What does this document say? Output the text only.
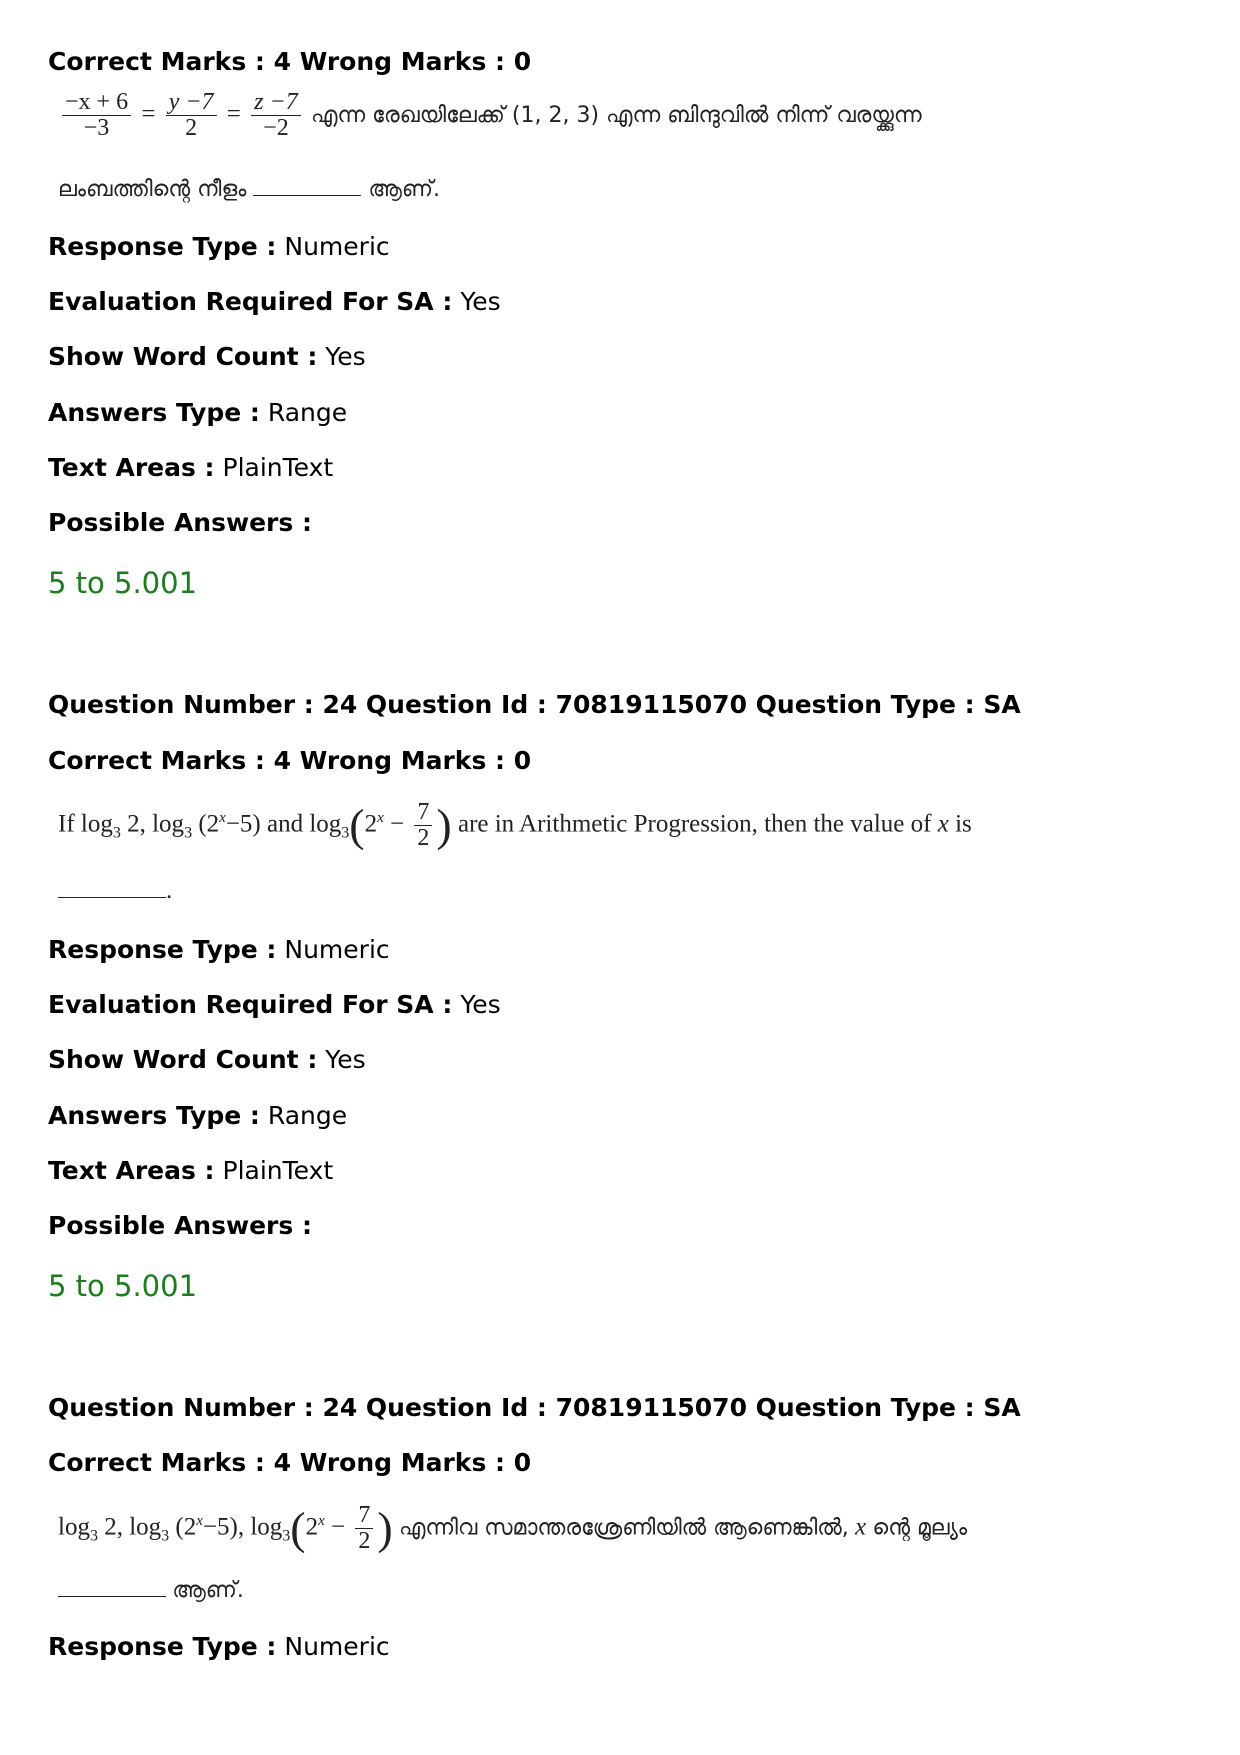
Correct Marks : 4 Wrong Marks : 0
$\frac{-x + 6}{-3} = \frac{y -7}{2} = \frac{z -7}{-2}$ എന്ന രേഖയിലേക്ക് (1, 2, 3) എന്ന ബിന്ദുവിൽ നിന്ന് വരയ്ക്കുന്ന
ലംബത്തിന്റെ നീളം	ആണ്.
Response Type : Numeric
Evaluation Required For SA : Yes
Show Word Count : Yes
Answers Type : Range
Text Areas : PlainText
Possible Answers :
5 to 5.001
Question Number : 24 Question Id : 70819115070 Question Type : SA
Correct Marks : 4 Wrong Marks : 0
If $\log_3 2$, $\log_3 (2^x-5)$ and $\log_3(2^x - \frac{7}{2}$ ) are in Arithmetic Progression, then the value of x is
.
Response Type : Numeric
Evaluation Required For SA : Yes
Show Word Count : Yes
Answers Type : Range
Text Areas : PlainText
Possible Answers :
5 to 5.001
Question Number : 24 Question Id : 70819115070 Question Type : SA
Correct Marks : 4 Wrong Marks : 0
$\log_3 2$, $\log_3 (2^x-5)$, $\log_3(2^x - \frac{7}{2}$ ) എന്നിവ സമാന്തരശ്രേണിയിൽ ആണെങ്കിൽ, x ന്റെ മൂല്യം
ആണ്.
Response Type : Numeric
